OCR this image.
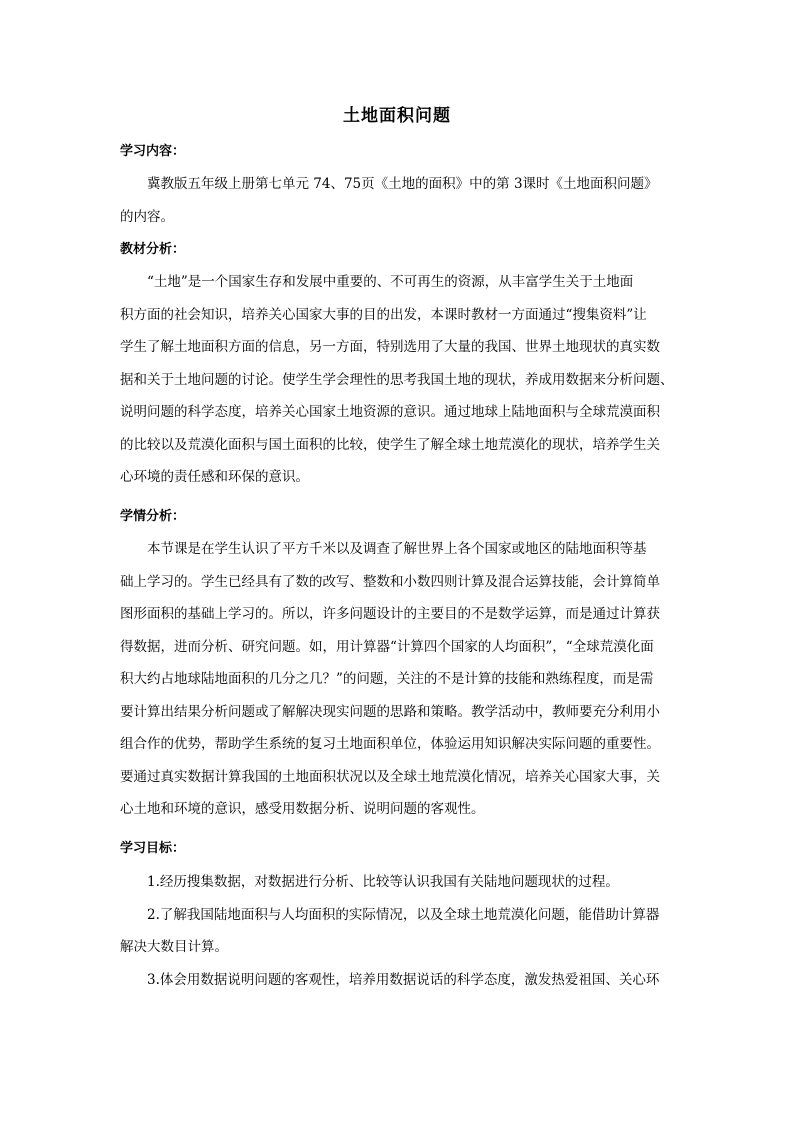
土地面积问题
学习内容：
　　冀教版五年级上册第七单元 74、75页《土地的面积》中的第 3课时《土地面积问题》
的内容。
教材分析：
　　“土地”是一个国家生存和发展中重要的、不可再生的资源，从丰富学生关于土地面
积方面的社会知识，培养关心国家大事的目的出发，本课时教材一方面通过“搜集资料”让
学生了解土地面积方面的信息，另一方面，特别选用了大量的我国、世界土地现状的真实数
据和关于土地问题的讨论。使学生学会理性的思考我国土地的现状，养成用数据来分析问题、
说明问题的科学态度，培养关心国家土地资源的意识。通过地球上陆地面积与全球荒漠面积
的比较以及荒漠化面积与国土面积的比较，使学生了解全球土地荒漠化的现状，培养学生关
心环境的责任感和环保的意识。
学情分析：
　　本节课是在学生认识了平方千米以及调查了解世界上各个国家或地区的陆地面积等基
础上学习的。学生已经具有了数的改写、整数和小数四则计算及混合运算技能，会计算简单
图形面积的基础上学习的。所以，许多问题设计的主要目的不是数学运算，而是通过计算获
得数据，进而分析、研究问题。如，用计算器“计算四个国家的人均面积”，“全球荒漠化面
积大约占地球陆地面积的几分之几？”的问题，关注的不是计算的技能和熟练程度，而是需
要计算出结果分析问题或了解解决现实问题的思路和策略。教学活动中，教师要充分利用小
组合作的优势，帮助学生系统的复习土地面积单位，体验运用知识解决实际问题的重要性。
要通过真实数据计算我国的土地面积状况以及全球土地荒漠化情况，培养关心国家大事，关
心土地和环境的意识，感受用数据分析、说明问题的客观性。
学习目标：
　　1.经历搜集数据，对数据进行分析、比较等认识我国有关陆地问题现状的过程。
　　2.了解我国陆地面积与人均面积的实际情况，以及全球土地荒漠化问题，能借助计算器
解决大数目计算。
　　3.体会用数据说明问题的客观性，培养用数据说话的科学态度，激发热爱祖国、关心环
